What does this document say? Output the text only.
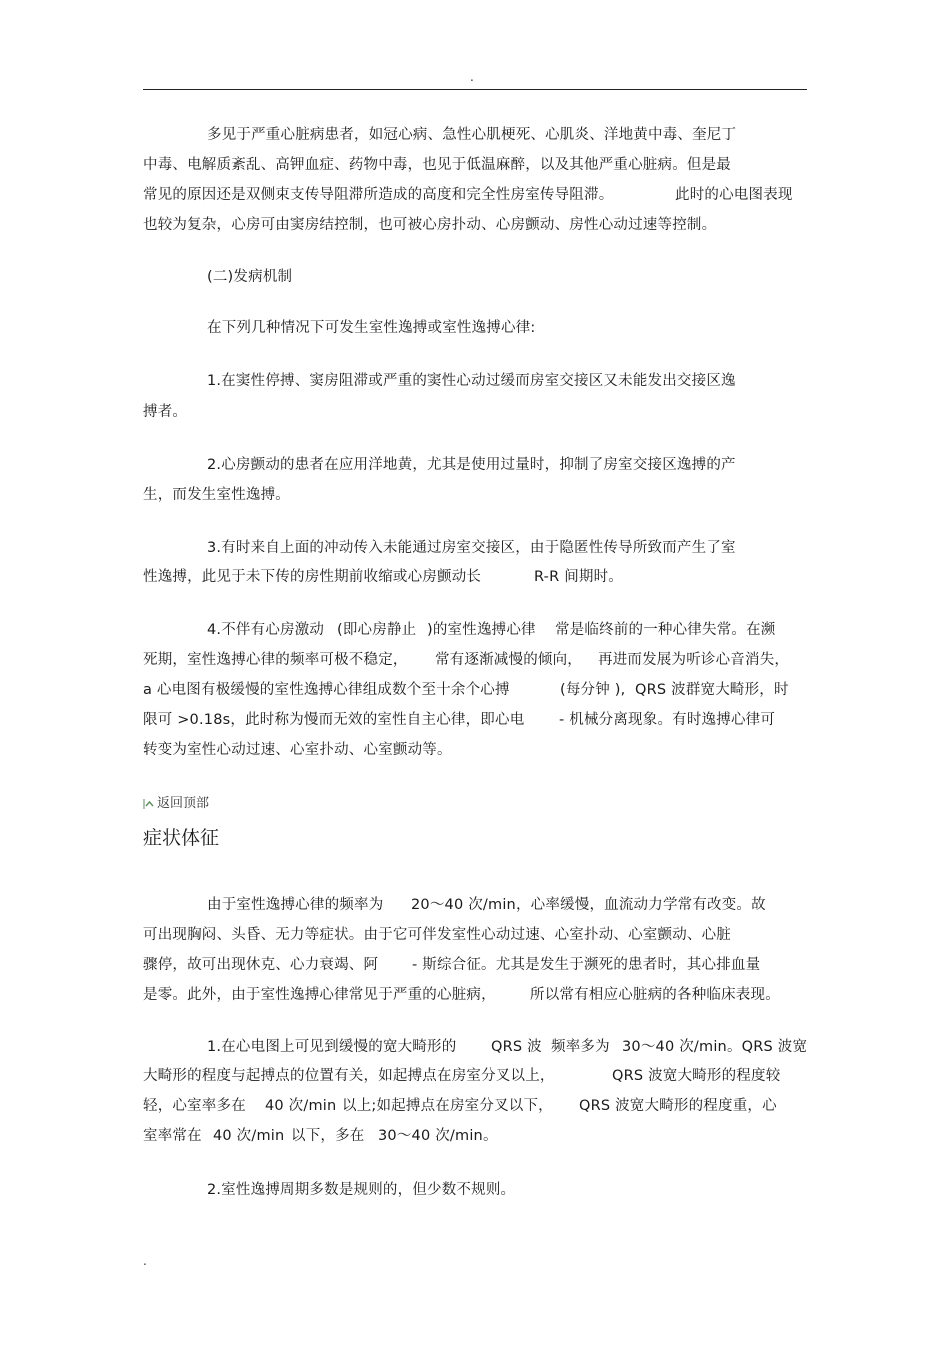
.
多见于严重心脏病患者，如冠心病、急性心肌梗死、心肌炎、洋地黄中毒、奎尼丁
中毒、电解质紊乱、高钾血症、药物中毒，也见于低温麻醉，以及其他严重心脏病。但是最
常见的原因还是双侧束支传导阻滞所造成的高度和完全性房室传导阻滞。	此时的心电图表现
也较为复杂，心房可由窦房结控制，也可被心房扑动、心房颤动、房性心动过速等控制。
(二)发病机制
在下列几种情况下可发生室性逸搏或室性逸搏心律:
1.在窦性停搏、窦房阻滞或严重的窦性心动过缓而房室交接区又未能发出交接区逸
搏者。
2.心房颤动的患者在应用洋地黄，尤其是使用过量时，抑制了房室交接区逸搏的产
生，而发生室性逸搏。
3.有时来自上面的冲动传入未能通过房室交接区，由于隐匿性传导所致而产生了室
性逸搏，此见于未下传的房性期前收缩或心房颤动长	R-R 间期时。
4.不伴有心房激动 (即心房静止 )的室性逸搏心律 常是临终前的一种心律失常。在濒
死期，室性逸搏心律的频率可极不稳定， 常有逐渐减慢的倾向， 再进而发展为听诊心音消失，
a 心电图有极缓慢的室性逸搏心律组成数个至十余个心搏	(每分钟 ), QRS 波群宽大畸形，时
限可 >0.18s，此时称为慢而无效的室性自主心律，即心电 - 机械分离现象。有时逸搏心律可
转变为室性心动过速、心室扑动、心室颤动等。
返回顶部
症状体征
由于室性逸搏心律的频率为 20～40 次/min，心率缓慢，血流动力学常有改变。故
可出现胸闷、头昏、无力等症状。由于它可伴发室性心动过速、心室扑动、心室颤动、心脏
骤停，故可出现休克、心力衰竭、阿 - 斯综合征。尤其是发生于濒死的患者时，其心排血量
是零。此外，由于室性逸搏心律常见于严重的心脏病， 所以常有相应心脏病的各种临床表现。
1.在心电图上可见到缓慢的宽大畸形的 QRS 波 频率多为 30～40 次/min。QRS 波宽
大畸形的程度与起搏点的位置有关，如起搏点在房室分叉以上，	QRS 波宽大畸形的程度较
轻，心室率多在 40 次/min 以上;如起搏点在房室分叉以下， QRS 波宽大畸形的程度重，心
室率常在 40 次/min 以下，多在 30～40 次/min。
2.室性逸搏周期多数是规则的，但少数不规则。
.
